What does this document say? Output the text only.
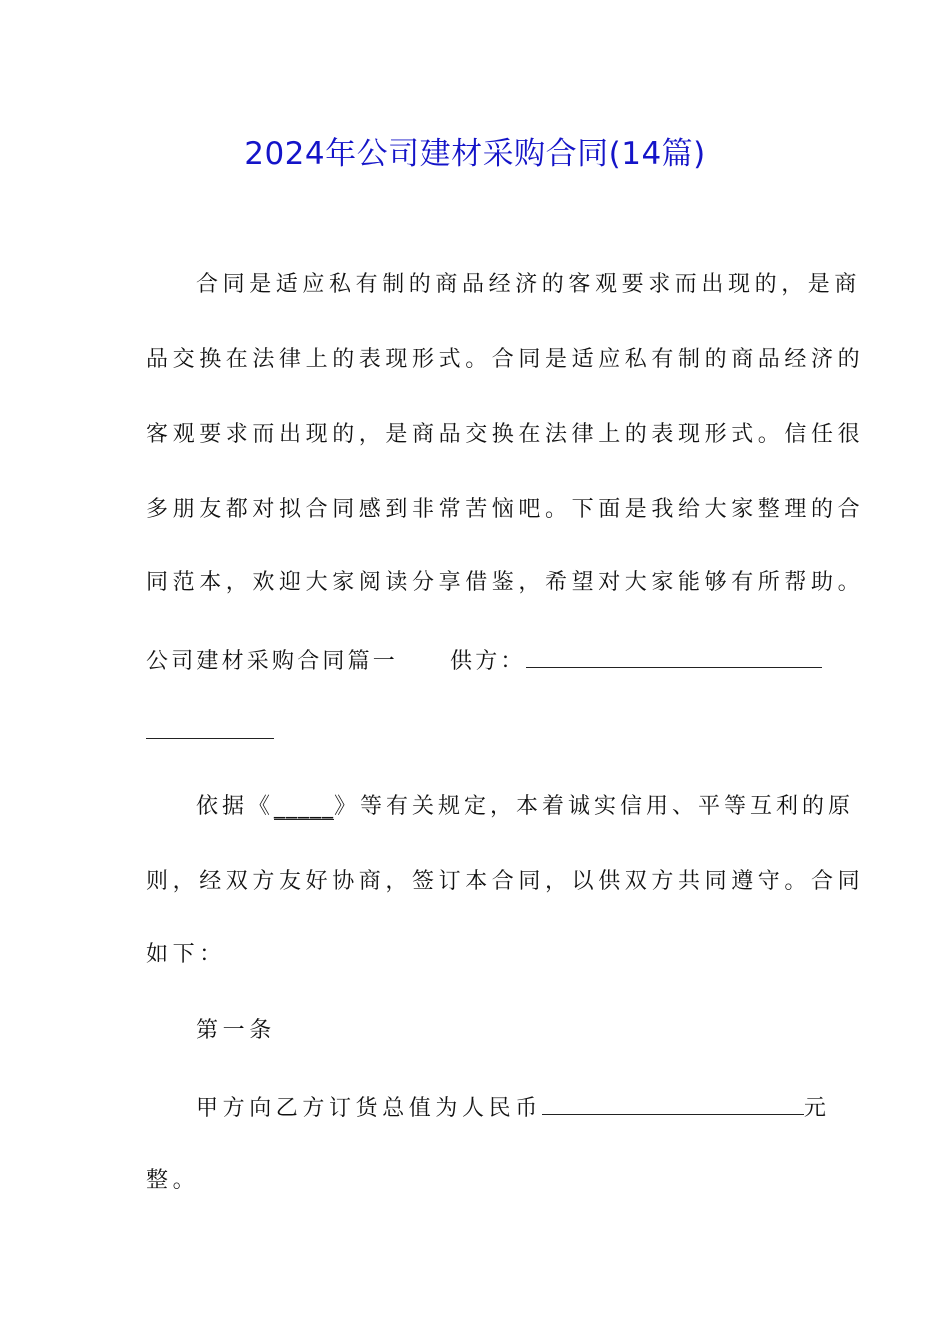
2024年公司建材采购合同(14篇)
合同是适应私有制的商品经济的客观要求而出现的，是商
品交换在法律上的表现形式。合同是适应私有制的商品经济的
客观要求而出现的，是商品交换在法律上的表现形式。信任很
多朋友都对拟合同感到非常苦恼吧。下面是我给大家整理的合
同范本，欢迎大家阅读分享借鉴，希望对大家能够有所帮助。
公司建材采购合同篇一 供方：
依据《_____》等有关规定，本着诚实信用、平等互利的原
则，经双方友好协商，签订本合同，以供双方共同遵守。合同
如下：
第一条
甲方向乙方订货总值为人民币	元
整。
